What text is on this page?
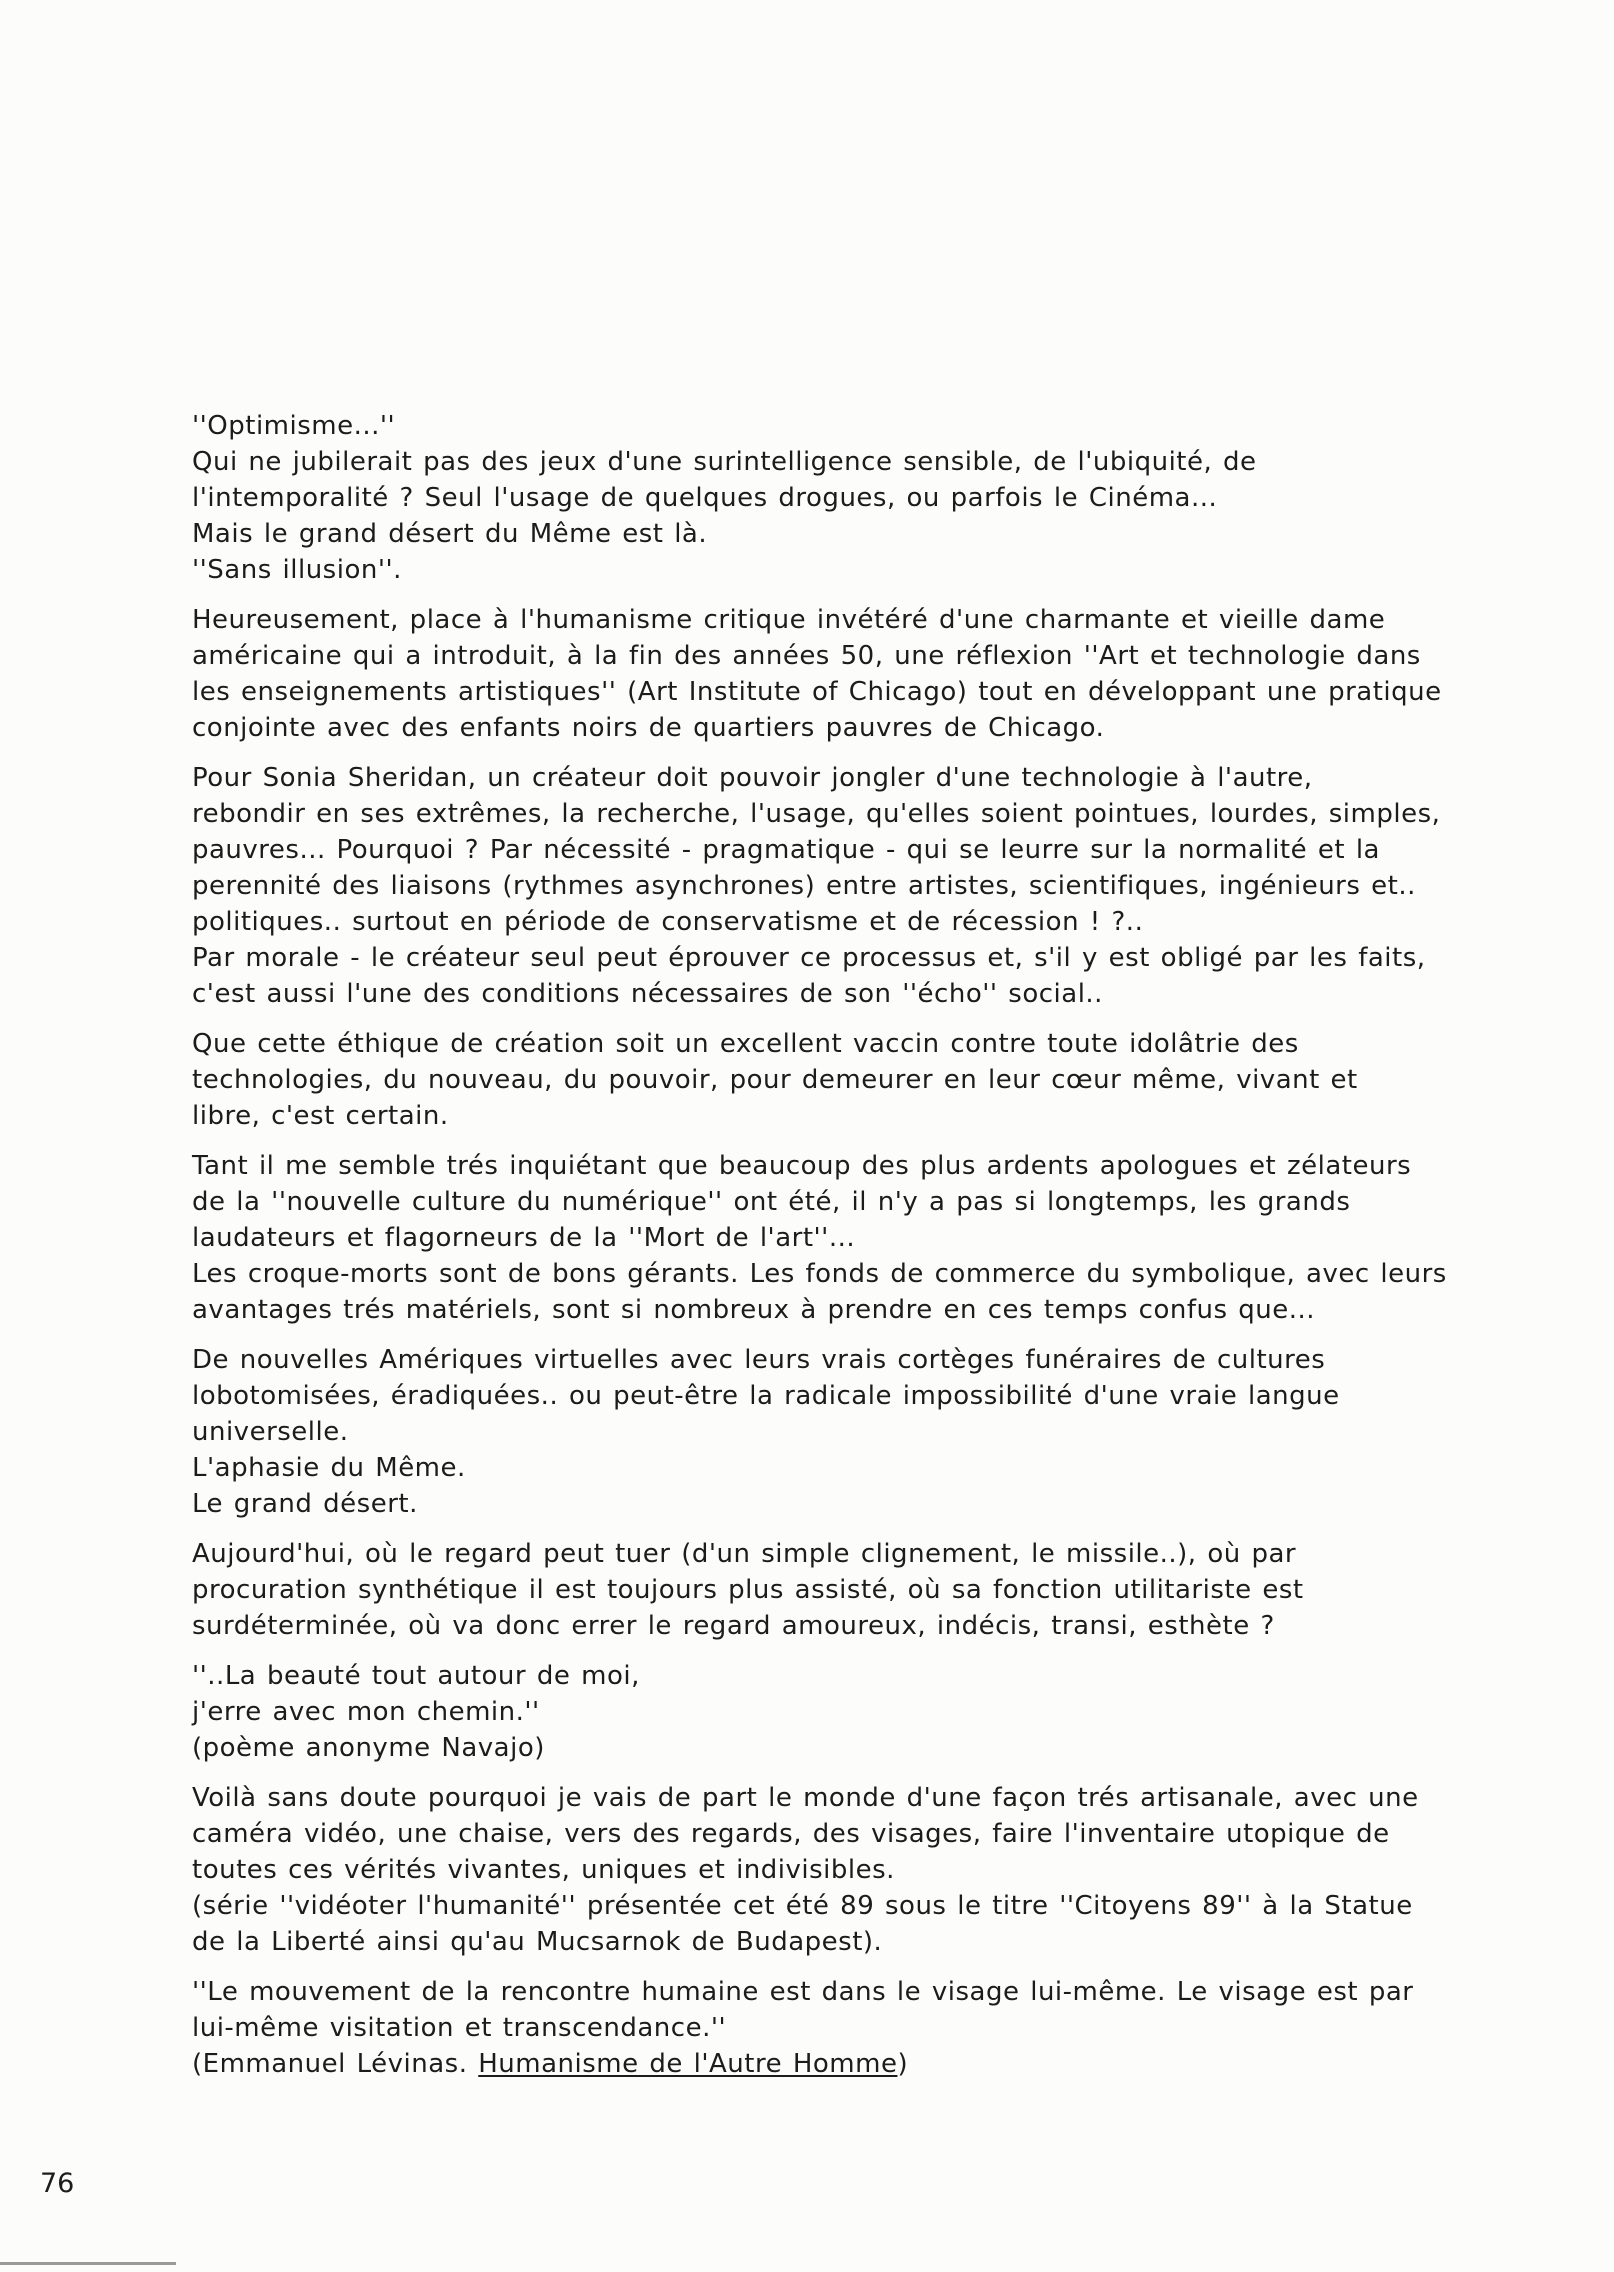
''Optimisme...''
Qui ne jubilerait pas des jeux d'une surintelligence sensible, de l'ubiquité, de
l'intemporalité ? Seul l'usage de quelques drogues, ou parfois le Cinéma...
Mais le grand désert du Même est là.
''Sans illusion''.
Heureusement, place à l'humanisme critique invétéré d'une charmante et vieille dame
américaine qui a introduit, à la fin des années 50, une réflexion ''Art et technologie dans
les enseignements artistiques'' (Art Institute of Chicago) tout en développant une pratique
conjointe avec des enfants noirs de quartiers pauvres de Chicago.
Pour Sonia Sheridan, un créateur doit pouvoir jongler d'une technologie à l'autre,
rebondir en ses extrêmes, la recherche, l'usage, qu'elles soient pointues, lourdes, simples,
pauvres... Pourquoi ? Par nécessité - pragmatique - qui se leurre sur la normalité et la
perennité des liaisons (rythmes asynchrones) entre artistes, scientifiques, ingénieurs et..
politiques.. surtout en période de conservatisme et de récession ! ?..
Par morale - le créateur seul peut éprouver ce processus et, s'il y est obligé par les faits,
c'est aussi l'une des conditions nécessaires de son ''écho'' social..
Que cette éthique de création soit un excellent vaccin contre toute idolâtrie des
technologies, du nouveau, du pouvoir, pour demeurer en leur cœur même, vivant et
libre, c'est certain.
Tant il me semble trés inquiétant que beaucoup des plus ardents apologues et zélateurs
de la ''nouvelle culture du numérique'' ont été, il n'y a pas si longtemps, les grands
laudateurs et flagorneurs de la ''Mort de l'art''...
Les croque-morts sont de bons gérants. Les fonds de commerce du symbolique, avec leurs
avantages trés matériels, sont si nombreux à prendre en ces temps confus que...
De nouvelles Amériques virtuelles avec leurs vrais cortèges funéraires de cultures
lobotomisées, éradiquées.. ou peut-être la radicale impossibilité d'une vraie langue
universelle.
L'aphasie du Même.
Le grand désert.
Aujourd'hui, où le regard peut tuer (d'un simple clignement, le missile..), où par
procuration synthétique il est toujours plus assisté, où sa fonction utilitariste est
surdéterminée, où va donc errer le regard amoureux, indécis, transi, esthète ?
''..La beauté tout autour de moi,
j'erre avec mon chemin.''
(poème anonyme Navajo)
Voilà sans doute pourquoi je vais de part le monde d'une façon trés artisanale, avec une
caméra vidéo, une chaise, vers des regards, des visages, faire l'inventaire utopique de
toutes ces vérités vivantes, uniques et indivisibles.
(série ''vidéoter l'humanité'' présentée cet été 89 sous le titre ''Citoyens 89'' à la Statue
de la Liberté ainsi qu'au Mucsarnok de Budapest).
''Le mouvement de la rencontre humaine est dans le visage lui-même. Le visage est par
lui-même visitation et transcendance.''
(Emmanuel Lévinas. Humanisme de l'Autre Homme)
76
